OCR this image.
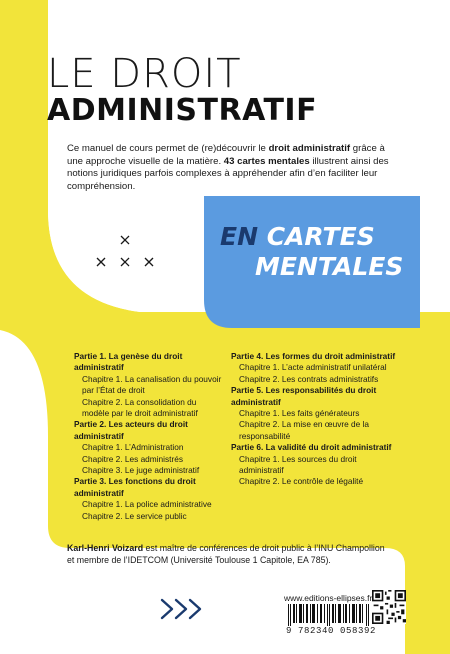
LE DROIT
ADMINISTRATIF
Ce manuel de cours permet de (re)découvrir le droit administratif grâce à une approche visuelle de la matière. 43 cartes mentales illustrent ainsi des notions juridiques parfois complexes à appréhender afin d’en faciliter leur compréhension.
EN CARTES
MENTALES
Partie 1. La genèse du droit administratif
Chapitre 1. La canalisation du pouvoir par l’État de droit
Chapitre 2. La consolidation du modèle par le droit administratif
Partie 2. Les acteurs du droit administratif
Chapitre 1. L’Administration
Chapitre 2. Les administrés
Chapitre 3. Le juge administratif
Partie 3. Les fonctions du droit administratif
Chapitre 1. La police administrative
Chapitre 2. Le service public
Partie 4. Les formes du droit administratif
Chapitre 1. L’acte administratif unilatéral
Chapitre 2. Les contrats administratifs
Partie 5. Les responsabilités du droit administratif
Chapitre 1. Les faits générateurs
Chapitre 2. La mise en œuvre de la responsabilité
Partie 6. La validité du droit administratif
Chapitre 1. Les sources du droit administratif
Chapitre 2. Le contrôle de légalité
Karl-Henri Voizard est maître de conférences de droit public à l’INU Champollion et membre de l’IDETCOM (Université Toulouse 1 Capitole, EA 785).
www.editions-ellipses.fr
9 782340 058392
